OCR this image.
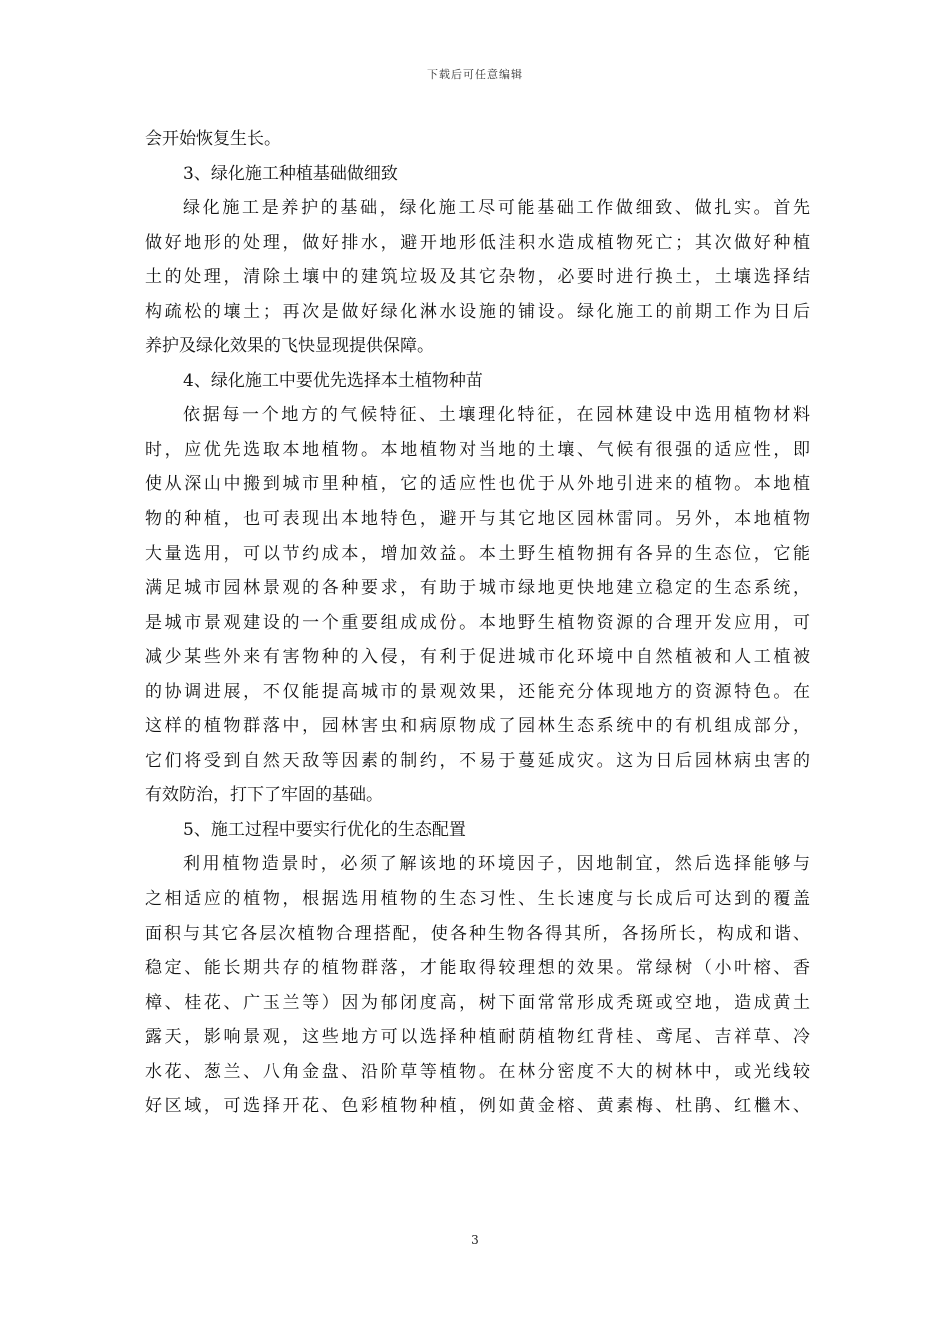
下载后可任意编辑
会开始恢复生长。
3、绿化施工种植基础做细致
绿化施工是养护的基础，绿化施工尽可能基础工作做细致、做扎实。首先
做好地形的处理，做好排水，避开地形低洼积水造成植物死亡；其次做好种植
土的处理，清除土壤中的建筑垃圾及其它杂物，必要时进行换土，土壤选择结
构疏松的壤土；再次是做好绿化淋水设施的铺设。绿化施工的前期工作为日后
养护及绿化效果的飞快显现提供保障。
4、绿化施工中要优先选择本土植物种苗
依据每一个地方的气候特征、土壤理化特征，在园林建设中选用植物材料
时，应优先选取本地植物。本地植物对当地的土壤、气候有很强的适应性，即
使从深山中搬到城市里种植，它的适应性也优于从外地引进来的植物。本地植
物的种植，也可表现出本地特色，避开与其它地区园林雷同。另外，本地植物
大量选用，可以节约成本，增加效益。本土野生植物拥有各异的生态位，它能
满足城市园林景观的各种要求，有助于城市绿地更快地建立稳定的生态系统，
是城市景观建设的一个重要组成成份。本地野生植物资源的合理开发应用，可
减少某些外来有害物种的入侵，有利于促进城市化环境中自然植被和人工植被
的协调进展，不仅能提高城市的景观效果，还能充分体现地方的资源特色。在
这样的植物群落中，园林害虫和病原物成了园林生态系统中的有机组成部分，
它们将受到自然天敌等因素的制约，不易于蔓延成灾。这为日后园林病虫害的
有效防治，打下了牢固的基础。
5、施工过程中要实行优化的生态配置
利用植物造景时，必须了解该地的环境因子，因地制宜，然后选择能够与
之相适应的植物，根据选用植物的生态习性、生长速度与长成后可达到的覆盖
面积与其它各层次植物合理搭配，使各种生物各得其所，各扬所长，构成和谐、
稳定、能长期共存的植物群落，才能取得较理想的效果。常绿树（小叶榕、香
樟、桂花、广玉兰等）因为郁闭度高，树下面常常形成秃斑或空地，造成黄土
露天，影响景观，这些地方可以选择种植耐荫植物红背桂、鸢尾、吉祥草、冷
水花、葱兰、八角金盘、沿阶草等植物。在林分密度不大的树林中，或光线较
好区域，可选择开花、色彩植物种植，例如黄金榕、黄素梅、杜鹃、红檵木、
3
